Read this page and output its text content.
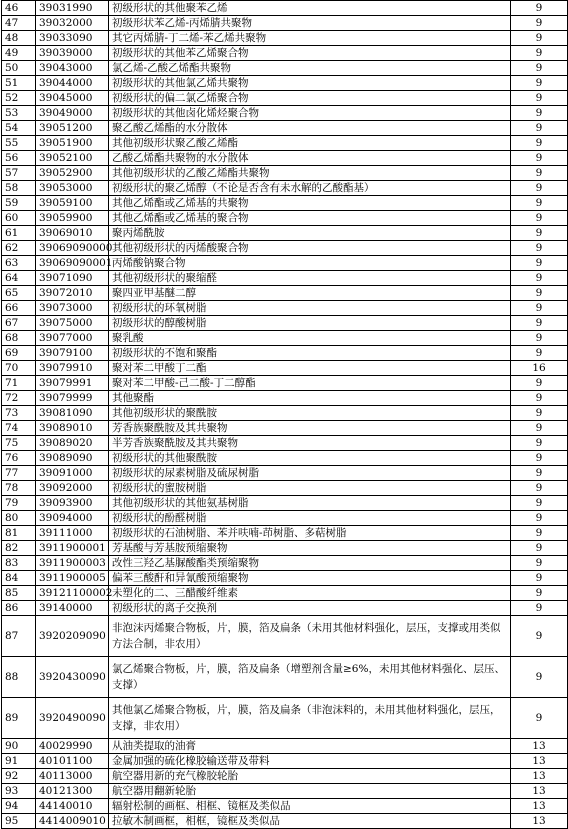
46	39031990	初级形状的其他聚苯乙烯	9
47	39032000	初级形状苯乙烯-丙烯腈共聚物	9
48	39033090	其它丙烯腈-丁二烯-苯乙烯共聚物	9
49	39039000	初级形状的其他苯乙烯聚合物	9
50	39043000	氯乙烯-乙酸乙烯酯共聚物	9
51	39044000	初级形状的其他氯乙烯共聚物	9
52	39045000	初级形状的偏二氯乙烯聚合物	9
53	39049000	初级形状的其他卤化烯烃聚合物	9
54	39051200	聚乙酸乙烯酯的水分散体	9
55	39051900	其他初级形状聚乙酸乙烯酯	9
56	39052100	乙酸乙烯酯共聚物的水分散体	9
57	39052900	其他初级形状的乙酸乙烯酯共聚物	9
58	39053000	初级形状的聚乙烯醇（不论是否含有未水解的乙酸酯基）	9
59	39059100	其他乙烯酯或乙烯基的共聚物	9
60	39059900	其他乙烯酯或乙烯基的聚合物	9
61	39069010	聚丙烯酰胺	9
62	39069090000	其他初级形状的丙烯酸聚合物	9
63	39069090001	丙烯酸钠聚合物	9
64	39071090	其他初级形状的聚缩醛	9
65	39072010	聚四亚甲基醚二醇	9
66	39073000	初级形状的环氧树脂	9
67	39075000	初级形状的醇酸树脂	9
68	39077000	聚乳酸	9
69	39079100	初级形状的不饱和聚酯	9
70	39079910	聚对苯二甲酸丁二酯	16
71	39079991	聚对苯二甲酸-己二酸-丁二醇酯	9
72	39079999	其他聚酯	9
73	39081090	其他初级形状的聚酰胺	9
74	39089010	芳香族聚酰胺及其共聚物	9
75	39089020	半芳香族聚酰胺及其共聚物	9
76	39089090	初级形状的其他聚酰胺	9
77	39091000	初级形状的尿素树脂及硫尿树脂	9
78	39092000	初级形状的蜜胺树脂	9
79	39093900	其他初级形状的其他氨基树脂	9
80	39094000	初级形状的酚醛树脂	9
81	39111000	初级形状的石油树脂、苯并呋喃-茚树脂、多萜树脂	9
82	3911900001	芳基酸与芳基胺预缩聚物	9
83	3911900003	改性三羟乙基脲酸酯类预缩聚物	9
84	3911900005	偏苯三酸酐和异氰酸预缩聚物	9
85	39121100002	未塑化的二、三醋酸纤维素	9
86	39140000	初级形状的离子交换剂	9
87	3920209090	非泡沫丙烯聚合物板，片，膜，箔及扁条（未用其他材料强化，层压，支撑或用类似方法合制，非农用）	9
88	3920430090	氯乙烯聚合物板，片，膜，箔及扁条（增塑剂含量≥6%，未用其他材料强化、层压、支撑）	9
89	3920490090	其他氯乙烯聚合物板，片，膜，箔及扁条（非泡沫料的，未用其他材料强化，层压，支撑，非农用）	9
90	40029990	从油类提取的油膏	13
91	40101100	金属加强的硫化橡胶输送带及带料	13
92	40113000	航空器用新的充气橡胶轮胎	13
93	40121300	航空器用翻新轮胎	13
94	44140010	辐射松制的画框、相框、镜框及类似品	13
95	4414009010	拉敏木制画框，相框，镜框及类似品	13
